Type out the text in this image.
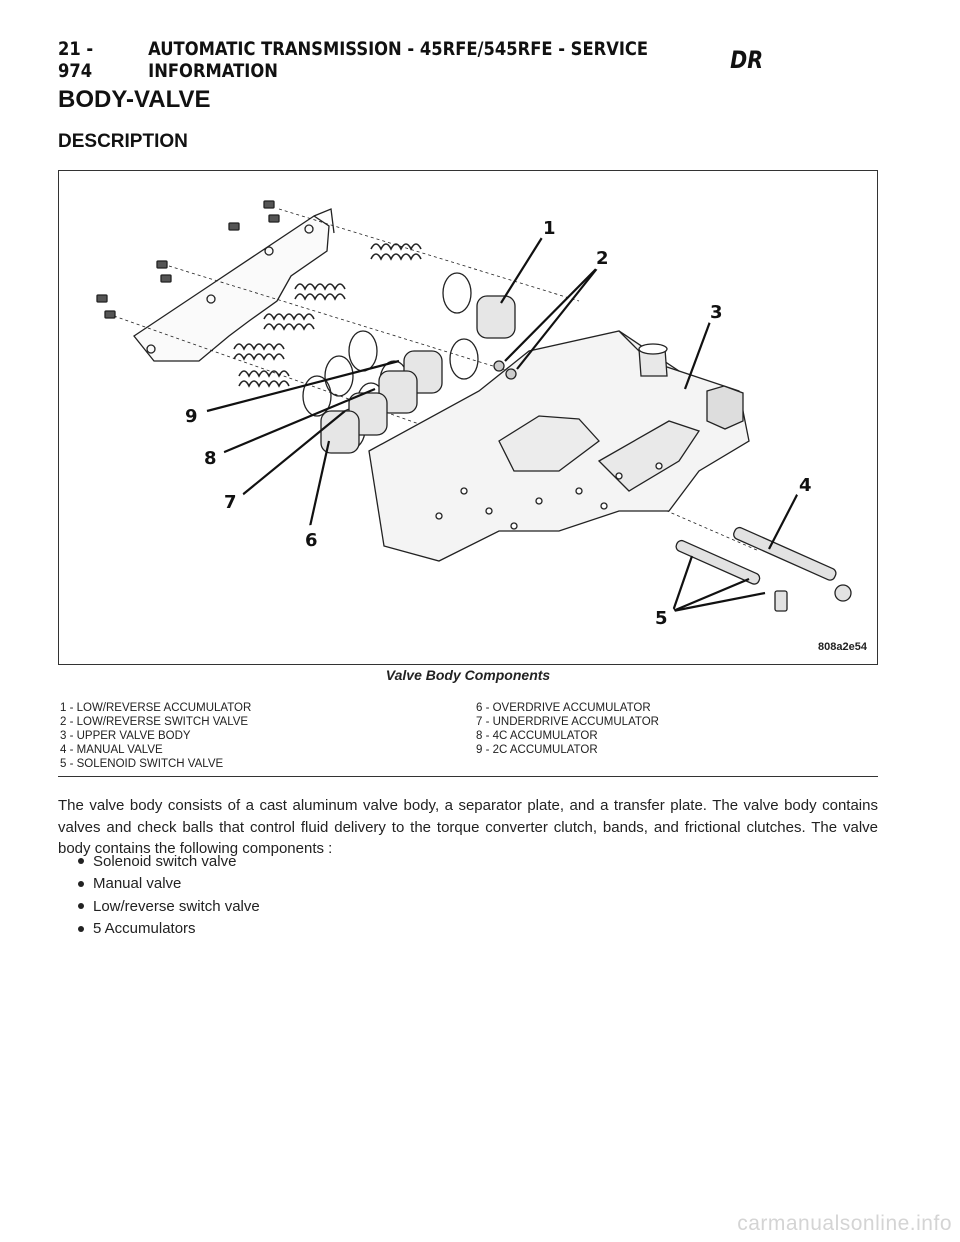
21 - 974
AUTOMATIC TRANSMISSION - 45RFE/545RFE - SERVICE INFORMATION	DR
BODY-VALVE
DESCRIPTION
1
2
3
4
5
6
7
8
9
808a2e54
Valve Body Components
1 - LOW/REVERSE ACCUMULATOR
2 - LOW/REVERSE SWITCH VALVE
3 - UPPER VALVE BODY
4 - MANUAL VALVE
5 - SOLENOID SWITCH VALVE
6 - OVERDRIVE ACCUMULATOR
7 - UNDERDRIVE ACCUMULATOR
8 - 4C ACCUMULATOR
9 - 2C ACCUMULATOR

The valve body consists of a cast aluminum valve body, a separator plate, and a transfer plate. The valve body contains valves and check balls that control fluid delivery to the torque converter clutch, bands, and frictional clutches. The valve body contains the following components :

Solenoid switch valve
Manual valve
Low/reverse switch valve
5 Accumulators
carmanualsonline.info
